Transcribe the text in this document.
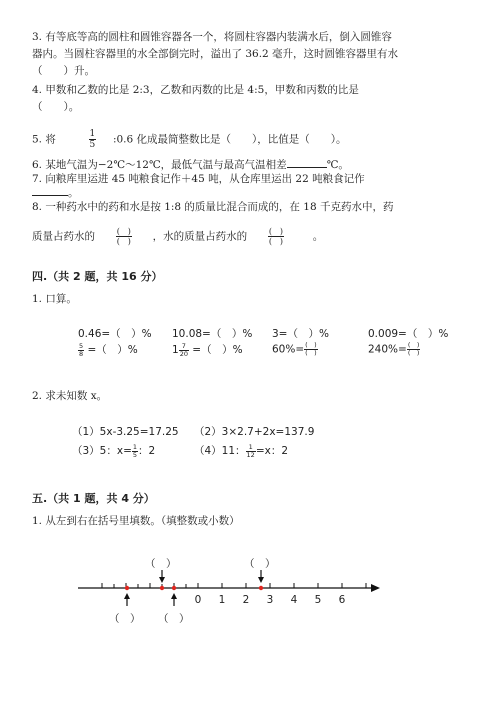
3. 有等底等高的圆柱和圆锥容器各一个，将圆柱容器内装满水后，倒入圆锥容
器内。当圆柱容器里的水全部倒完时，溢出了 36.2 毫升，这时圆锥容器里有水
（　　）升。
4. 甲数和乙数的比是 2:3，乙数和丙数的比是 4:5，甲数和丙数的比是
（　　）。
5. 将	$\frac{1}{5}$ :0.6 化成最简整数比是（　　），比值是（　　）。
6. 某地气温为−2℃～12℃，最低气温与最高气温相差	℃。
7. 向粮库里运进 45 吨粮食记作＋45 吨，从仓库里运出 22 吨粮食记作
。
8. 一种药水中的药和水是按 1:8 的质量比混合而成的，在 18 千克药水中，药
质量占药水的	$\frac{( )}{( )}$ ，水的质量占药水的	$\frac{( )}{( )}$	。
四.（共 2 题，共 16 分）
1. 口算。
0.46=（　）% 10.08=（　）% 3=（　）%	0.009=（　）%
$\frac{5}{8}$ =（　）%	$1 \frac{7}{20}$ =（　）%	$60\%= \frac{( )}{( )}$	$240\%= \frac{( )}{( )}$
2. 求未知数 x。
（1）5x-3.25=17.25 （2）3×2.7+2x=137.9
（3）5：$x= \frac{1}{5}$ ：2	（4）11： $\frac{1}{12} =x$：2
五.（共 1 题，共 4 分）
1. 从左到右在括号里填数。（填整数或小数）
0 1 2 3 4 5 6
（　）	（　）
（　） （　）
